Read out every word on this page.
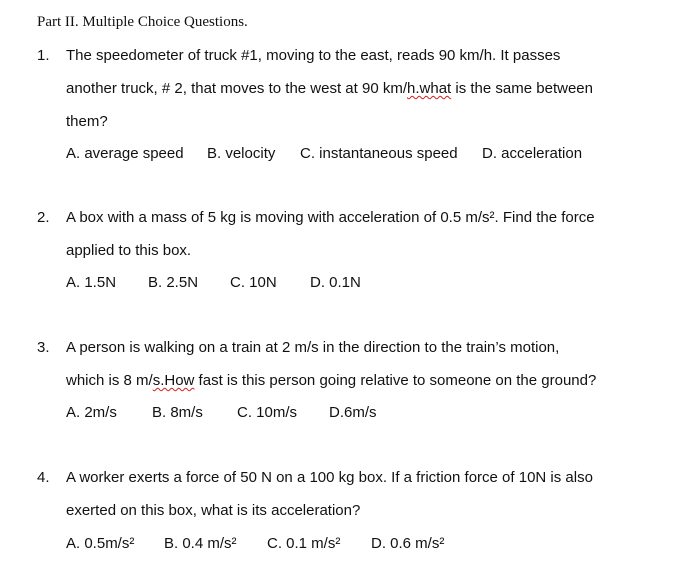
Part II. Multiple Choice Questions.
1. The speedometer of truck #1, moving to the east, reads 90 km/h. It passes
another truck, # 2, that moves to the west at 90 km/h.what is the same between
them?
A. average speed B. velocity C. instantaneous speed D. acceleration
2. A box with a mass of 5 kg is moving with acceleration of 0.5 m/s². Find the force
applied to this box.
A. 1.5N B. 2.5N C. 10N D. 0.1N
3. A person is walking on a train at 2 m/s in the direction to the train’s motion,
which is 8 m/s.How fast is this person going relative to someone on the ground?
A. 2m/s B. 8m/s C. 10m/s D.6m/s
4. A worker exerts a force of 50 N on a 100 kg box. If a friction force of 10N is also
exerted on this box, what is its acceleration?
A. 0.5m/s² B. 0.4 m/s² C. 0.1 m/s² D. 0.6 m/s²
